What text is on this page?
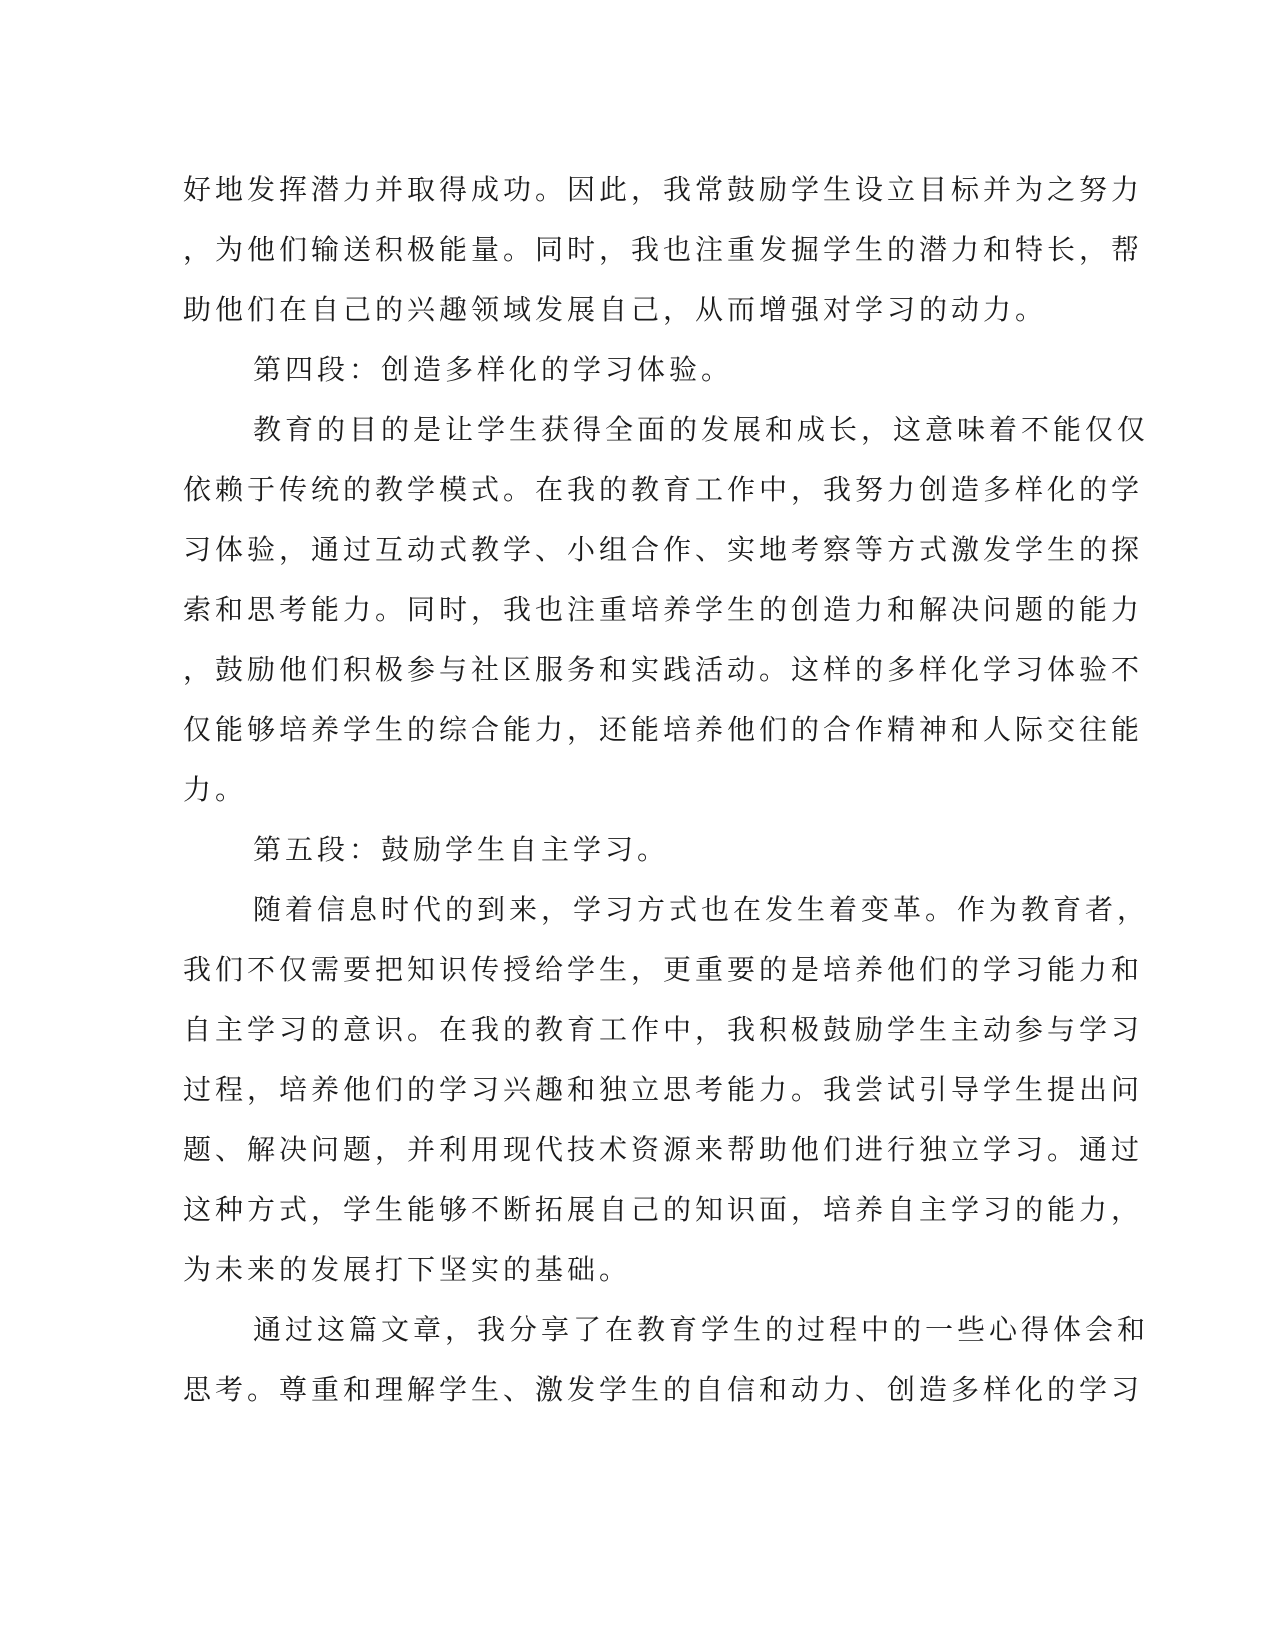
好地发挥潜力并取得成功。因此，我常鼓励学生设立目标并为之努力
，为他们输送积极能量。同时，我也注重发掘学生的潜力和特长，帮
助他们在自己的兴趣领域发展自己，从而增强对学习的动力。
第四段：创造多样化的学习体验。
教育的目的是让学生获得全面的发展和成长，这意味着不能仅仅
依赖于传统的教学模式。在我的教育工作中，我努力创造多样化的学
习体验，通过互动式教学、小组合作、实地考察等方式激发学生的探
索和思考能力。同时，我也注重培养学生的创造力和解决问题的能力
，鼓励他们积极参与社区服务和实践活动。这样的多样化学习体验不
仅能够培养学生的综合能力，还能培养他们的合作精神和人际交往能
力。
第五段：鼓励学生自主学习。
随着信息时代的到来，学习方式也在发生着变革。作为教育者，
我们不仅需要把知识传授给学生，更重要的是培养他们的学习能力和
自主学习的意识。在我的教育工作中，我积极鼓励学生主动参与学习
过程，培养他们的学习兴趣和独立思考能力。我尝试引导学生提出问
题、解决问题，并利用现代技术资源来帮助他们进行独立学习。通过
这种方式，学生能够不断拓展自己的知识面，培养自主学习的能力，
为未来的发展打下坚实的基础。
通过这篇文章，我分享了在教育学生的过程中的一些心得体会和
思考。尊重和理解学生、激发学生的自信和动力、创造多样化的学习
